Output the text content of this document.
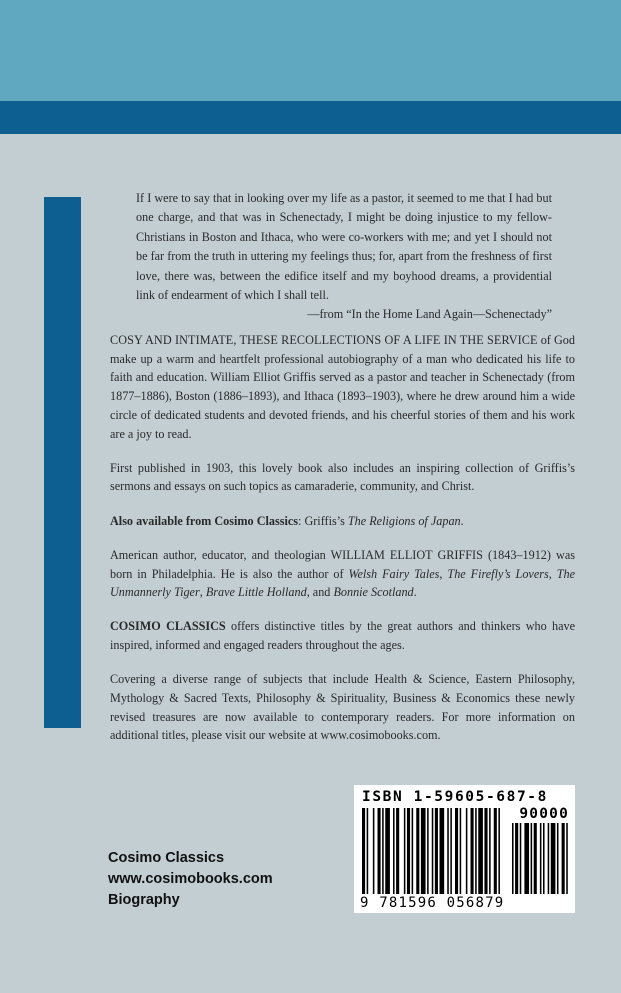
If I were to say that in looking over my life as a pastor, it seemed to me that I had but one charge, and that was in Schenectady, I might be doing injustice to my fellow-Christians in Boston and Ithaca, who were co-workers with me; and yet I should not be far from the truth in uttering my feelings thus; for, apart from the freshness of first love, there was, between the edifice itself and my boyhood dreams, a providential link of endearment of which I shall tell.

—from “In the Home Land Again—Schenectady”

COSY AND INTIMATE, THESE RECOLLECTIONS OF A LIFE IN THE SERVICE of God make up a warm and heartfelt professional autobiography of a man who dedicated his life to faith and education. William Elliot Griffis served as a pastor and teacher in Schenectady (from 1877–1886), Boston (1886–1893), and Ithaca (1893–1903), where he drew around him a wide circle of dedicated students and devoted friends, and his cheerful stories of them and his work are a joy to read.

First published in 1903, this lovely book also includes an inspiring collection of Griffis’s sermons and essays on such topics as camaraderie, community, and Christ.

Also available from Cosimo Classics: Griffis’s The Religions of Japan.

American author, educator, and theologian WILLIAM ELLIOT GRIFFIS (1843–1912) was born in Philadelphia. He is also the author of Welsh Fairy Tales, The Firefly’s Lovers, The Unmannerly Tiger, Brave Little Holland, and Bonnie Scotland.

COSIMO CLASSICS offers distinctive titles by the great authors and thinkers who have inspired, informed and engaged readers throughout the ages.

Covering a diverse range of subjects that include Health & Science, Eastern Philosophy, Mythology & Sacred Texts, Philosophy & Spirituality, Business & Economics these newly revised treasures are now available to contemporary readers. For more information on additional titles, please visit our website at www.cosimobooks.com.

Cosimo Classics
www.cosimobooks.com
Biography
ISBN 1-59605-687-8
90000
9 781596 056879
